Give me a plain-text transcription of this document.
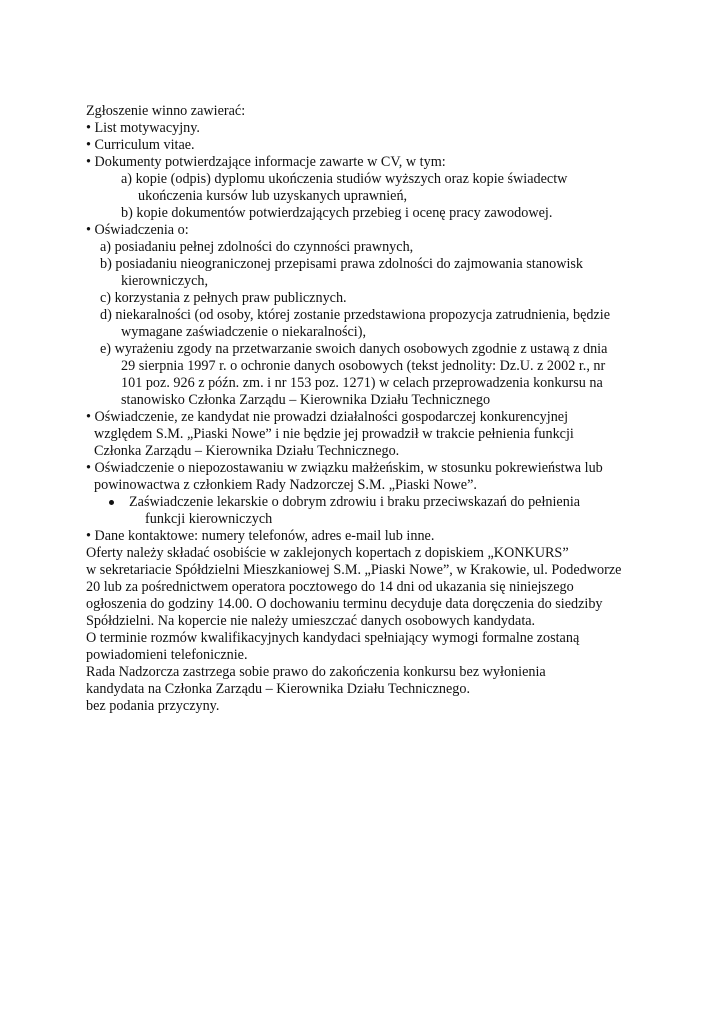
Zgłoszenie winno zawierać:
• List motywacyjny.
• Curriculum vitae.
• Dokumenty potwierdzające informacje zawarte w CV, w tym:
a) kopie (odpis) dyplomu ukończenia studiów wyższych oraz kopie świadectw
ukończenia kursów lub uzyskanych uprawnień,
b) kopie dokumentów potwierdzających przebieg i ocenę pracy zawodowej.
• Oświadczenia o:
a) posiadaniu pełnej zdolności do czynności prawnych,
b) posiadaniu nieograniczonej przepisami prawa zdolności do zajmowania stanowisk
kierowniczych,
c) korzystania z pełnych praw publicznych.
d) niekaralności (od osoby, której zostanie przedstawiona propozycja zatrudnienia, będzie
wymagane zaświadczenie o niekaralności),
e) wyrażeniu zgody na przetwarzanie swoich danych osobowych zgodnie z ustawą z dnia
29 sierpnia 1997 r. o ochronie danych osobowych (tekst jednolity: Dz.U. z 2002 r., nr
101 poz. 926 z późn. zm. i nr 153 poz. 1271) w celach przeprowadzenia konkursu na
stanowisko Członka Zarządu – Kierownika Działu Technicznego
• Oświadczenie, ze kandydat nie prowadzi działalności gospodarczej konkurencyjnej
względem S.M. „Piaski Nowe” i nie będzie jej prowadził w trakcie pełnienia funkcji
Członka Zarządu – Kierownika Działu Technicznego.
• Oświadczenie o niepozostawaniu w związku małżeńskim, w stosunku pokrewieństwa lub
powinowactwa z członkiem Rady Nadzorczej S.M. „Piaski Nowe”.
Zaświadczenie lekarskie o dobrym zdrowiu i braku przeciwskazań do pełnienia
funkcji kierowniczych
• Dane kontaktowe: numery telefonów, adres e-mail lub inne.
Oferty należy składać osobiście w zaklejonych kopertach z dopiskiem „KONKURS”
w sekretariacie Spółdzielni Mieszkaniowej S.M. „Piaski Nowe”, w Krakowie, ul. Podedworze
20 lub za pośrednictwem operatora pocztowego do 14 dni od ukazania się niniejszego
ogłoszenia do godziny 14.00. O dochowaniu terminu decyduje data doręczenia do siedziby
Spółdzielni. Na kopercie nie należy umieszczać danych osobowych kandydata.
O terminie rozmów kwalifikacyjnych kandydaci spełniający wymogi formalne zostaną
powiadomieni telefonicznie.
Rada Nadzorcza zastrzega sobie prawo do zakończenia konkursu bez wyłonienia
kandydata na Członka Zarządu – Kierownika Działu Technicznego.
bez podania przyczyny.
